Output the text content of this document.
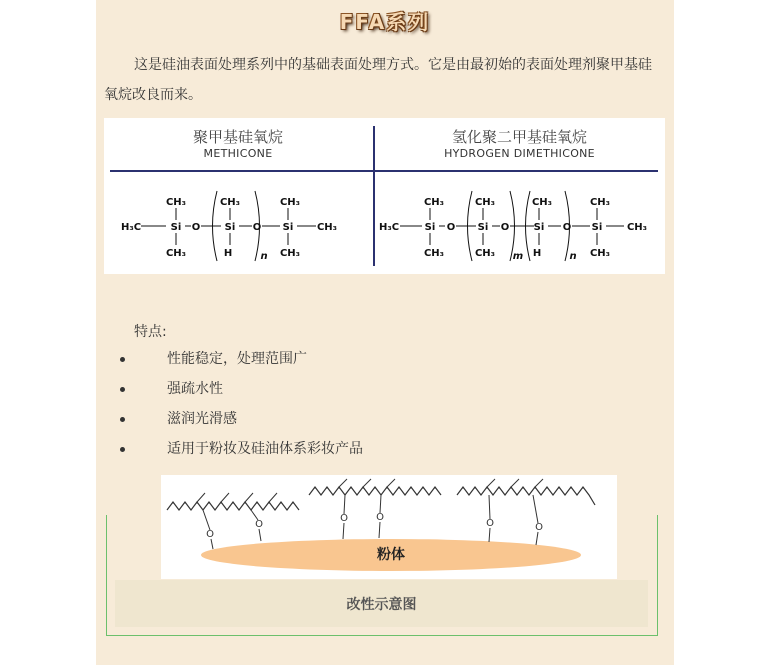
FFA系列
这是硅油表面处理系列中的基础表面处理方式。它是由最初始的表面处理剂聚甲基硅氧烷改良而来。
聚甲基硅氧烷
METHICONE
氢化聚二甲基硅氧烷
HYDROGEN DIMETHICONE
H₃C	Si
CH₃
CH₃
O Si
CH₃
H
O
n
Si
CH₃
CH₃
CH₃	H₃C	Si
CH₃
CH₃
O Si
CH₃
CH₃
O
m
Si
CH₃
H
O
n
Si
CH₃
CH₃
CH₃
特点:
性能稳定，处理范围广
强疏水性
滋润光滑感
适用于粉妆及硅油体系彩妆产品
粉体
O
O
O	O
O	O
改性示意图
